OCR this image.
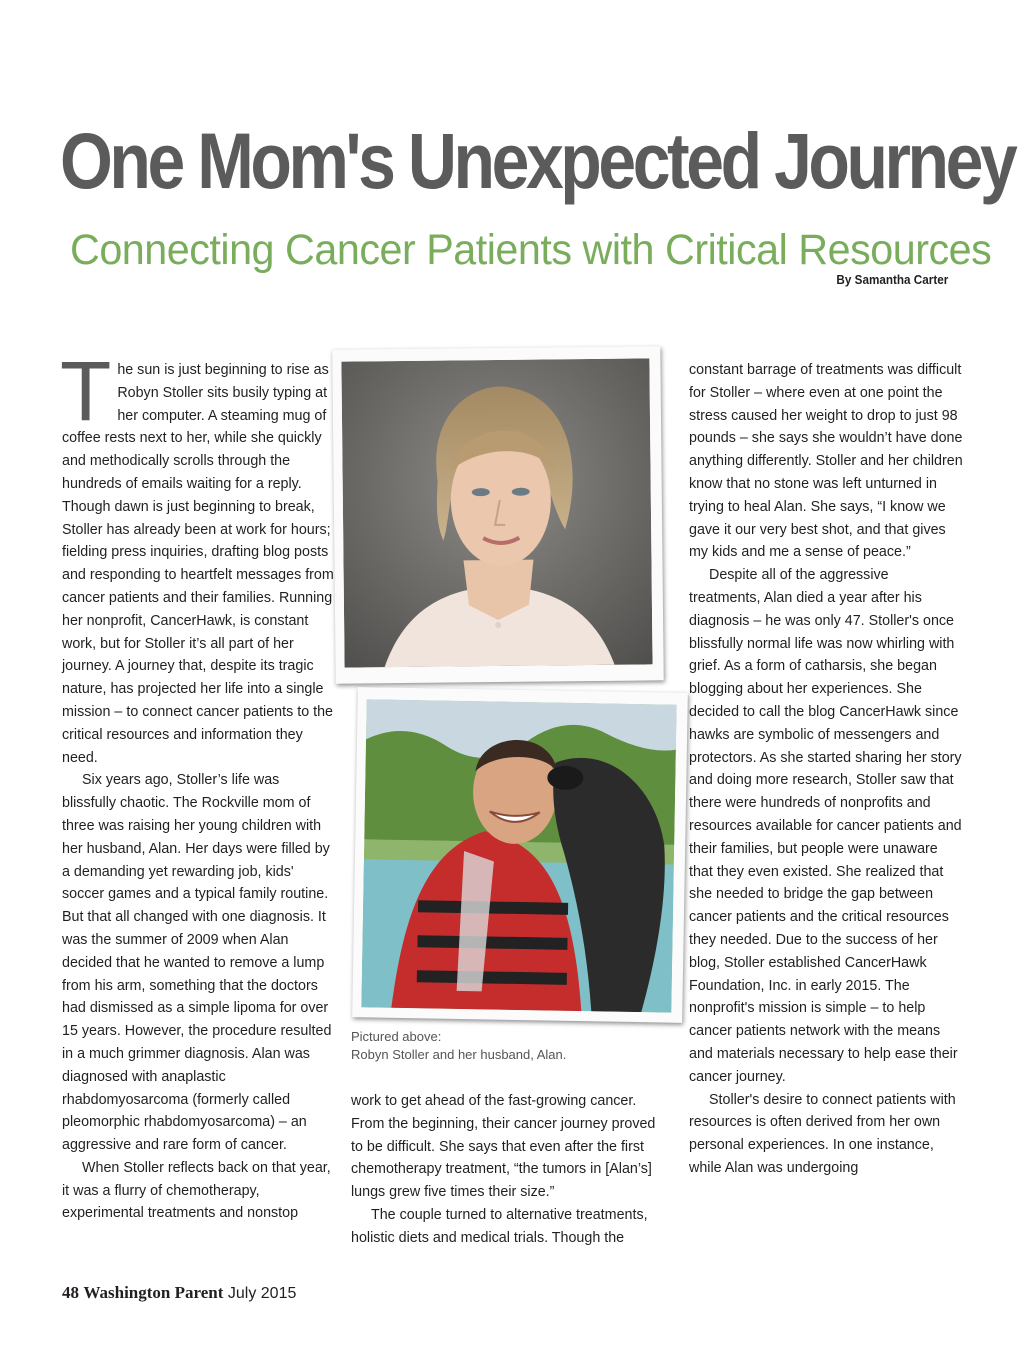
One Mom's Unexpected Journey
Connecting Cancer Patients with Critical Resources
By Samantha Carter

The sun is just beginning to rise as Robyn Stoller sits busily typing at her computer. A steaming mug of coffee rests next to her, while she quickly and methodically scrolls through the hundreds of emails waiting for a reply. Though dawn is just beginning to break, Stoller has already been at work for hours; fielding press inquiries, drafting blog posts and responding to heartfelt messages from cancer patients and their families. Running her nonprofit, CancerHawk, is constant work, but for Stoller it’s all part of her journey. A journey that, despite its tragic nature, has projected her life into a single mission – to connect cancer patients to the critical resources and information they need.

Six years ago, Stoller’s life was blissfully chaotic. The Rockville mom of three was raising her young children with her husband, Alan. Her days were filled by a demanding yet rewarding job, kids' soccer games and a typical family routine. But that all changed with one diagnosis. It was the summer of 2009 when Alan decided that he wanted to remove a lump from his arm, something that the doctors had dismissed as a simple lipoma for over 15 years. However, the procedure resulted in a much grimmer diagnosis. Alan was diagnosed with anaplastic rhabdomyosarcoma (formerly called pleomorphic rhabdomyosarcoma) – an aggressive and rare form of cancer.

When Stoller reflects back on that year, it was a flurry of chemotherapy, experimental treatments and nonstop

Pictured above:
Robyn Stoller and her husband, Alan.

work to get ahead of the fast-growing cancer. From the beginning, their cancer journey proved to be difficult. She says that even after the first chemotherapy treatment, “the tumors in [Alan’s] lungs grew five times their size.”

The couple turned to alternative treatments, holistic diets and medical trials. Though the

constant barrage of treatments was difficult for Stoller – where even at one point the stress caused her weight to drop to just 98 pounds – she says she wouldn’t have done anything differently. Stoller and her children know that no stone was left unturned in trying to heal Alan. She says, “I know we gave it our very best shot, and that gives my kids and me a sense of peace.”

Despite all of the aggressive treatments, Alan died a year after his diagnosis – he was only 47. Stoller's once blissfully normal life was now whirling with grief. As a form of catharsis, she began blogging about her experiences. She decided to call the blog CancerHawk since hawks are symbolic of messengers and protectors. As she started sharing her story and doing more research, Stoller saw that there were hundreds of nonprofits and resources available for cancer patients and their families, but people were unaware that they even existed. She realized that she needed to bridge the gap between cancer patients and the critical resources they needed. Due to the success of her blog, Stoller established CancerHawk Foundation, Inc. in early 2015. The nonprofit's mission is simple – to help cancer patients network with the means and materials necessary to help ease their cancer journey.

Stoller's desire to connect patients with resources is often derived from her own personal experiences. In one instance, while Alan was undergoing

48 Washington Parent July 2015
